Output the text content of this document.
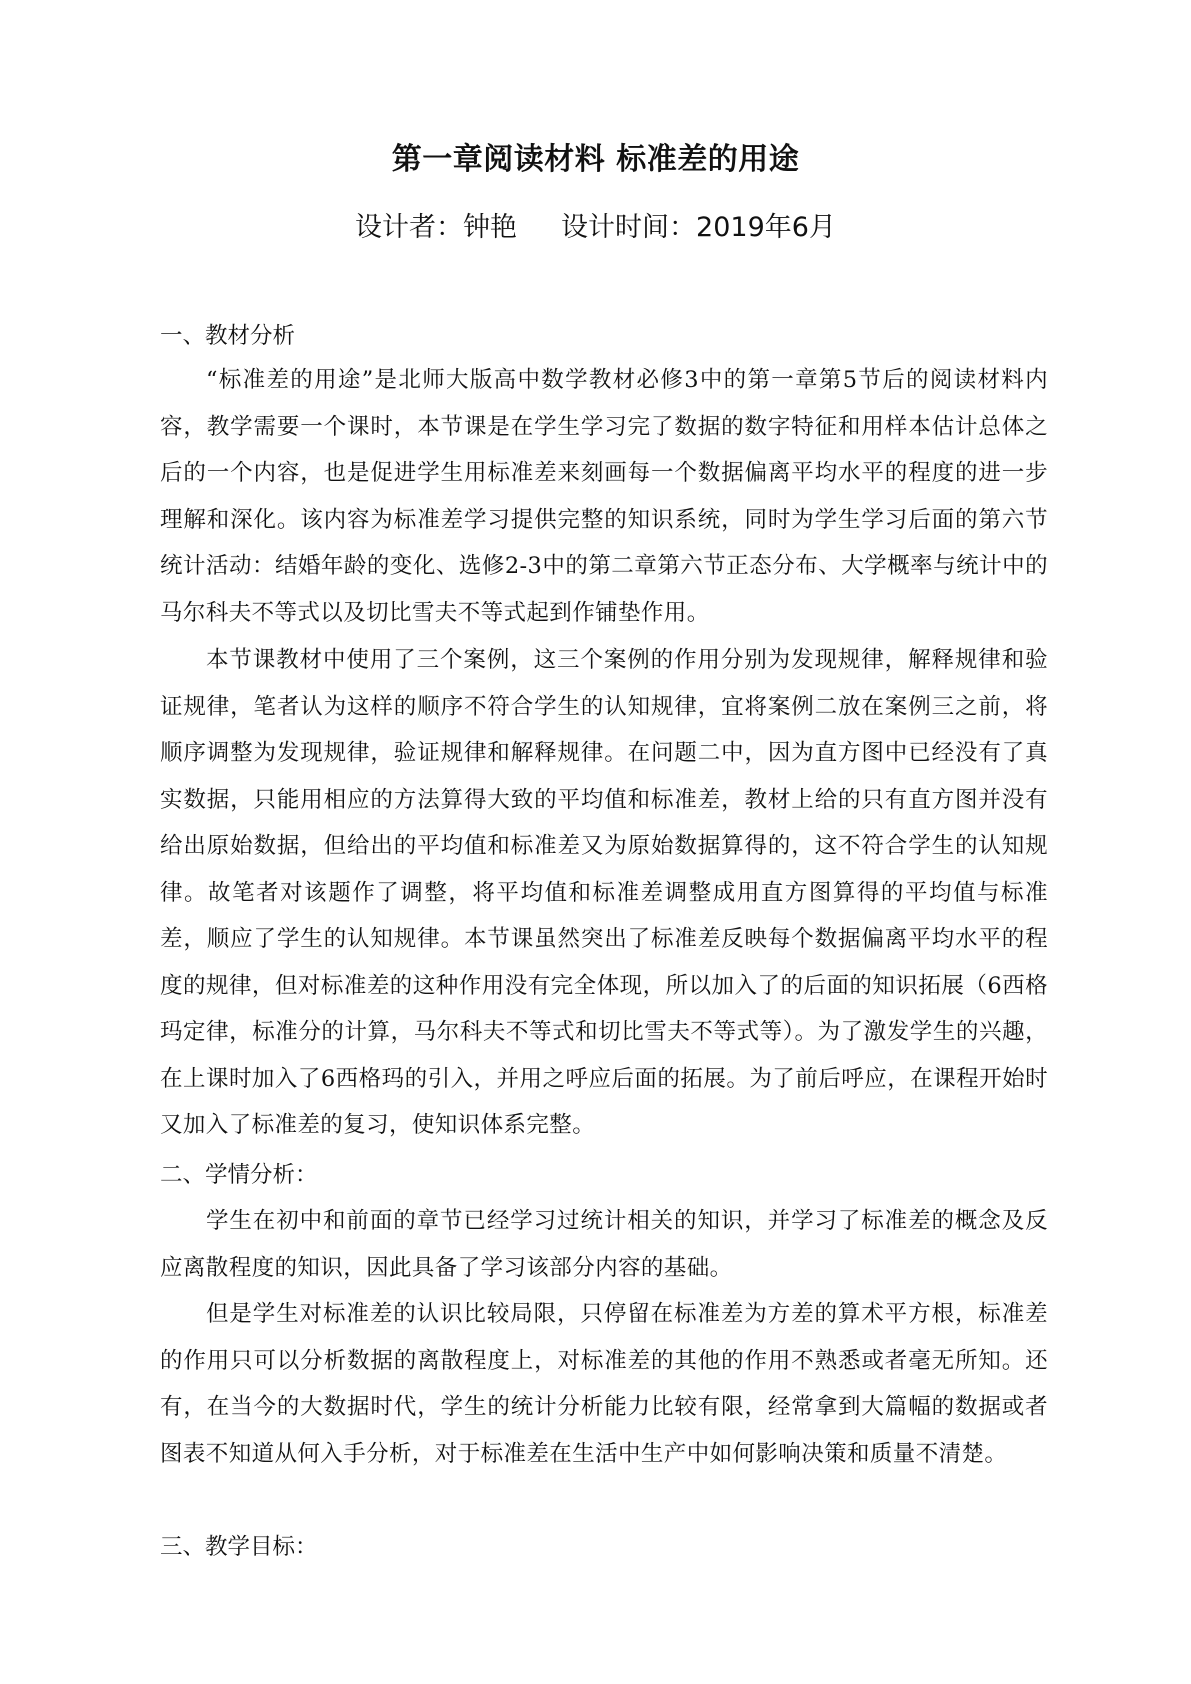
第一章阅读材料 标准差的用途
设计者：钟艳 设计时间：2019年6月
一、教材分析

“标准差的用途”是北师大版高中数学教材必修3中的第一章第5节后的阅读材料内容，教学需要一个课时，本节课是在学生学习完了数据的数字特征和用样本估计总体之后的一个内容，也是促进学生用标准差来刻画每一个数据偏离平均水平的程度的进一步理解和深化。该内容为标准差学习提供完整的知识系统，同时为学生学习后面的第六节统计活动：结婚年龄的变化、选修2-3中的第二章第六节正态分布、大学概率与统计中的马尔科夫不等式以及切比雪夫不等式起到作铺垫作用。

本节课教材中使用了三个案例，这三个案例的作用分别为发现规律，解释规律和验证规律，笔者认为这样的顺序不符合学生的认知规律，宜将案例二放在案例三之前，将顺序调整为发现规律，验证规律和解释规律。在问题二中，因为直方图中已经没有了真实数据，只能用相应的方法算得大致的平均值和标准差，教材上给的只有直方图并没有给出原始数据，但给出的平均值和标准差又为原始数据算得的，这不符合学生的认知规律。故笔者对该题作了调整，将平均值和标准差调整成用直方图算得的平均值与标准差，顺应了学生的认知规律。本节课虽然突出了标准差反映每个数据偏离平均水平的程度的规律，但对标准差的这种作用没有完全体现，所以加入了的后面的知识拓展（6西格玛定律，标准分的计算，马尔科夫不等式和切比雪夫不等式等）。为了激发学生的兴趣，在上课时加入了6西格玛的引入，并用之呼应后面的拓展。为了前后呼应，在课程开始时又加入了标准差的复习，使知识体系完整。

二、学情分析：

学生在初中和前面的章节已经学习过统计相关的知识，并学习了标准差的概念及反应离散程度的知识，因此具备了学习该部分内容的基础。

但是学生对标准差的认识比较局限，只停留在标准差为方差的算术平方根，标准差的作用只可以分析数据的离散程度上，对标准差的其他的作用不熟悉或者毫无所知。还有，在当今的大数据时代，学生的统计分析能力比较有限，经常拿到大篇幅的数据或者图表不知道从何入手分析，对于标准差在生活中生产中如何影响决策和质量不清楚。

三、教学目标：
